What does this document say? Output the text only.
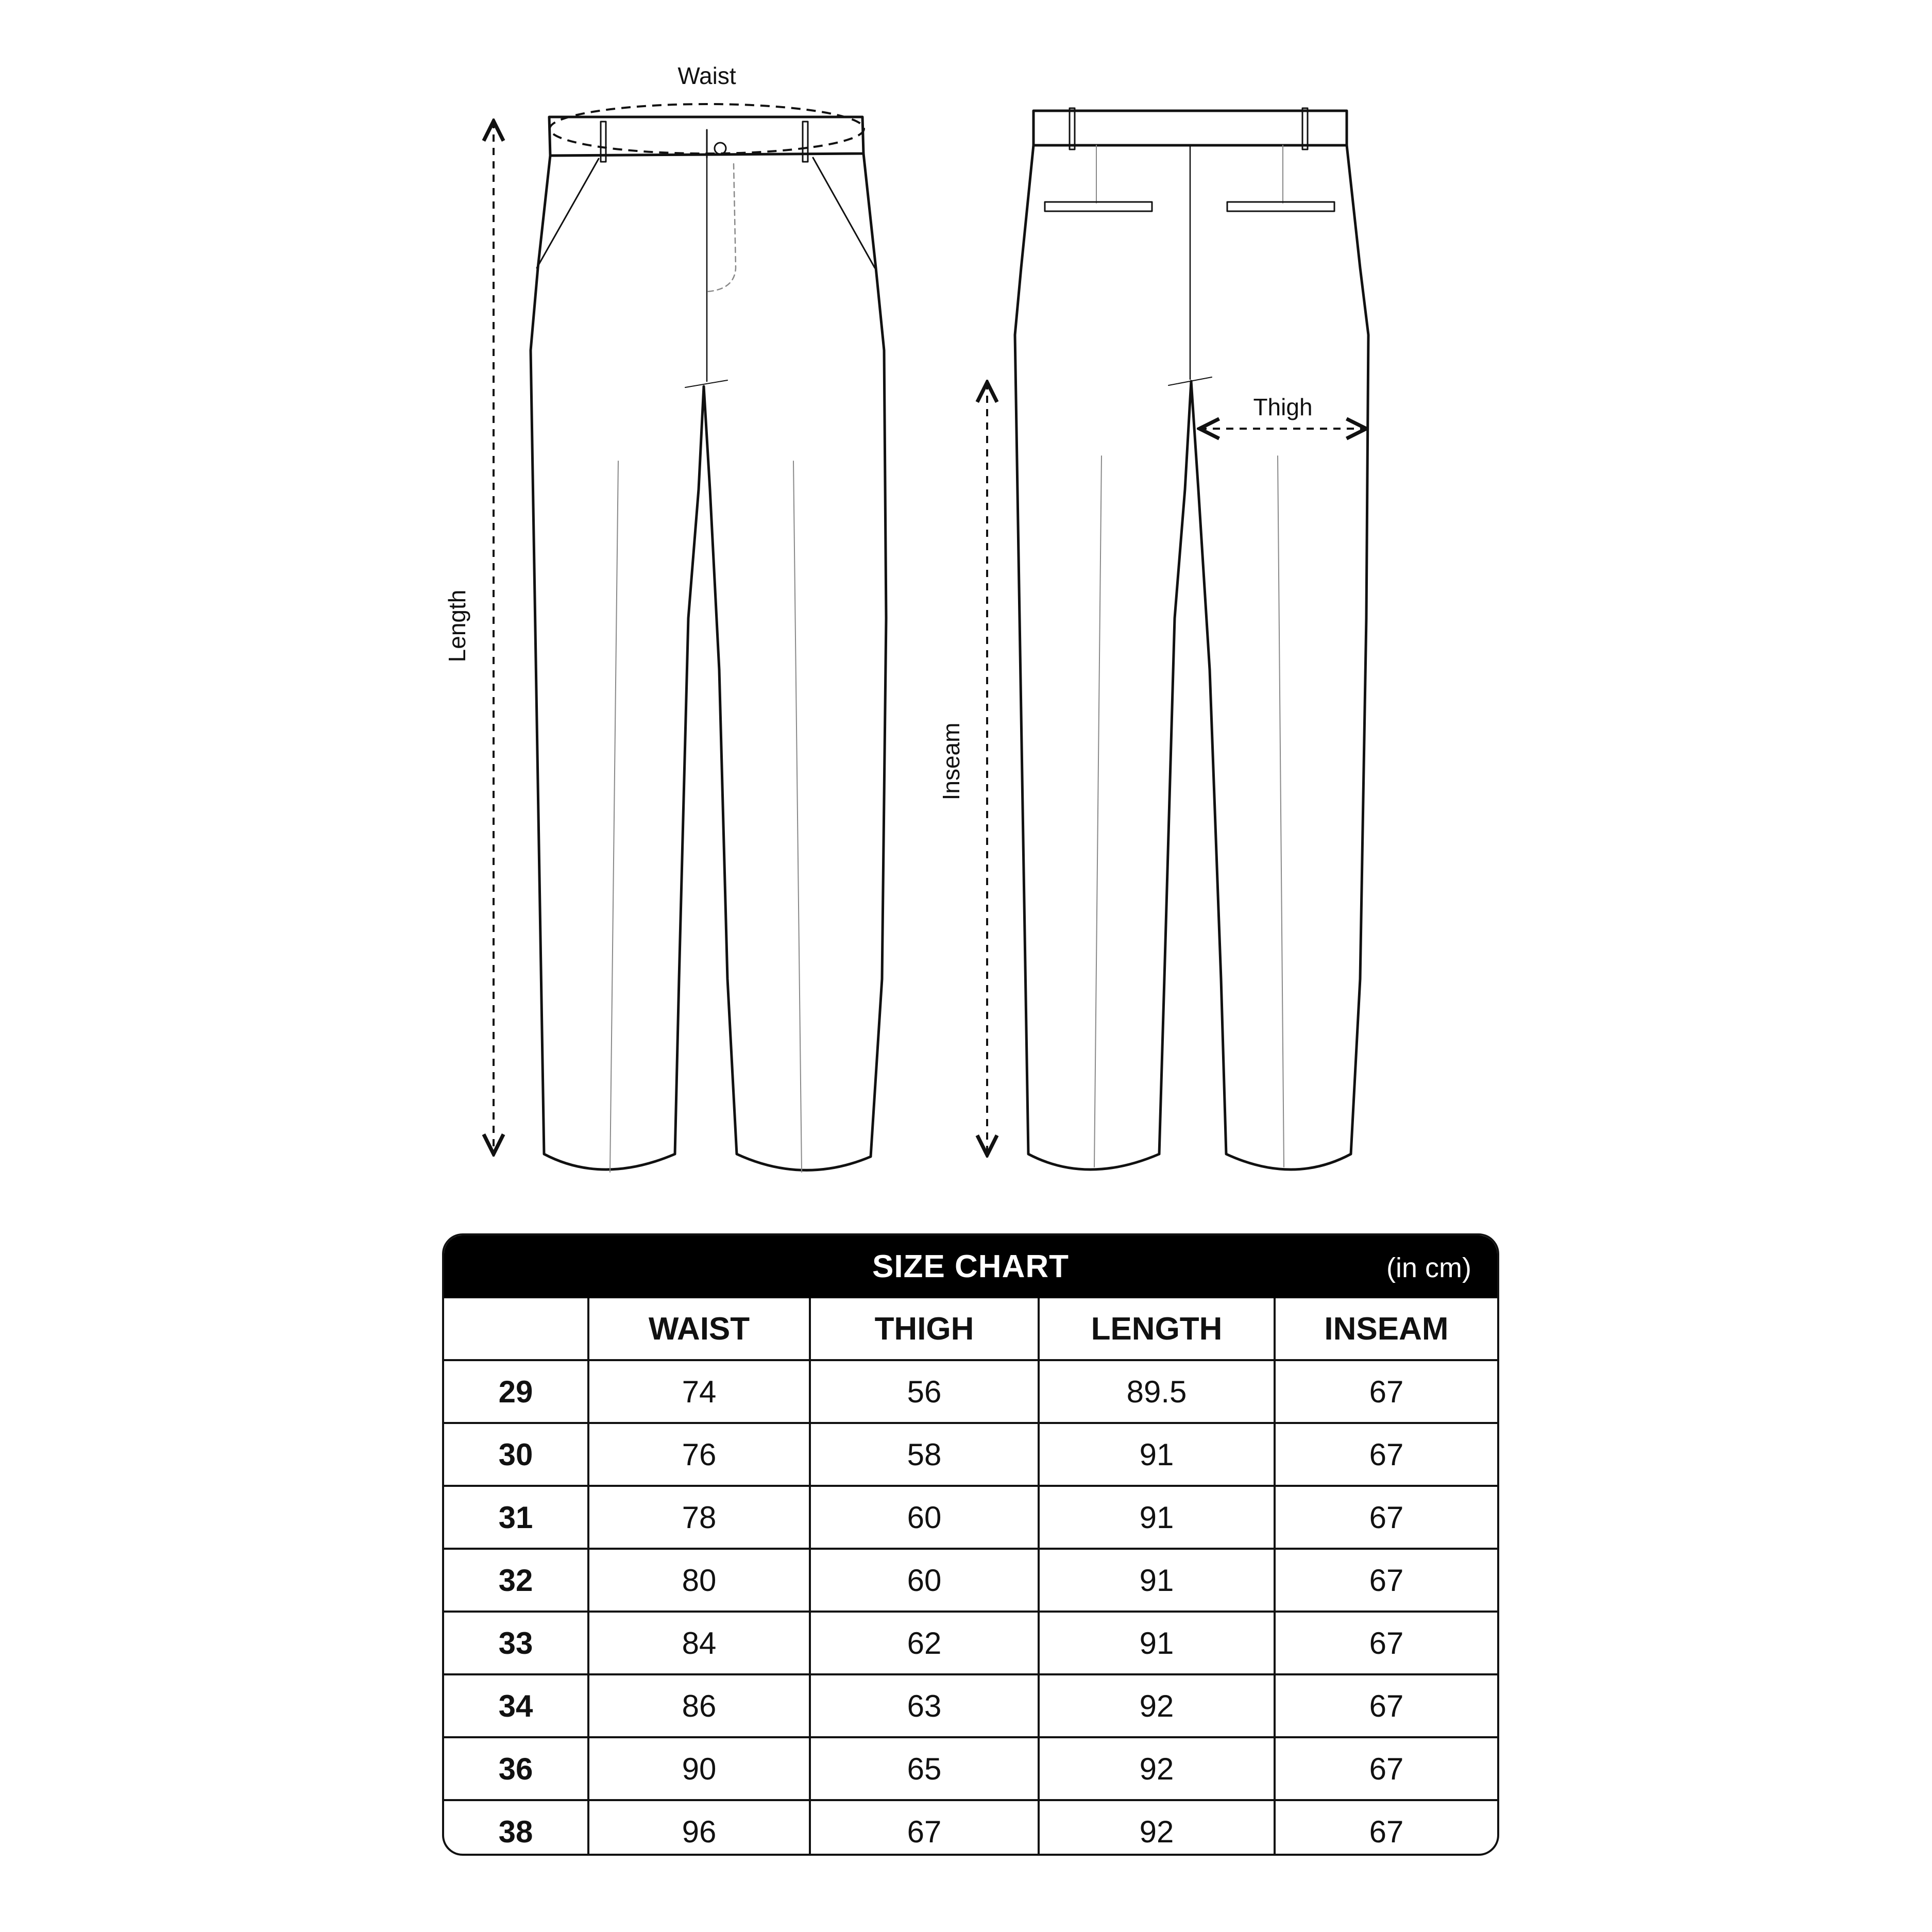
Waist
Length
Thigh
Inseam
SIZE CHART	(in cm)
	WAIST	THIGH	LENGTH	INSEAM
29	74	56	89.5	67
30	76	58	91	67
31	78	60	91	67
32	80	60	91	67
33	84	62	91	67
34	86	63	92	67
36	90	65	92	67
38	96	67	92	67
